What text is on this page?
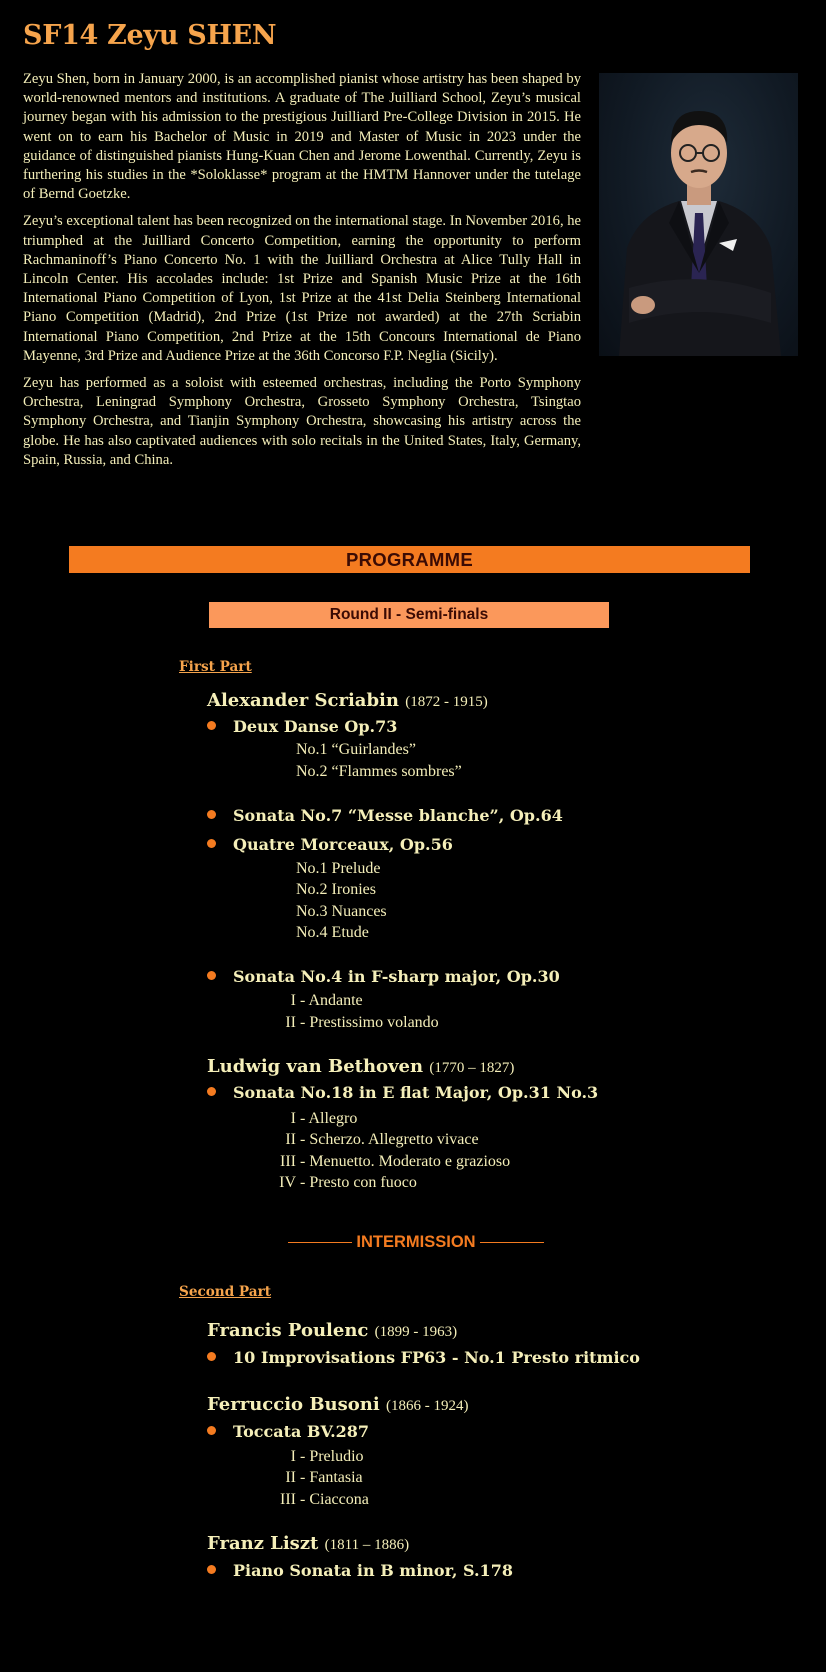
SF14 Zeyu SHEN

Zeyu Shen, born in January 2000, is an accomplished pianist whose artistry has been shaped by world-renowned mentors and institutions. A graduate of The Juilliard School, Zeyu’s musical journey began with his admission to the prestigious Juilliard Pre-College Division in 2015. He went on to earn his Bachelor of Music in 2019 and Master of Music in 2023 under the guidance of distinguished pianists Hung-Kuan Chen and Jerome Lowenthal. Currently, Zeyu is furthering his studies in the *Soloklasse* program at the HMTM Hannover under the tutelage of Bernd Goetzke.

Zeyu’s exceptional talent has been recognized on the international stage. In November 2016, he triumphed at the Juilliard Concerto Competition, earning the opportunity to perform Rachmaninoff’s Piano Concerto No. 1 with the Juilliard Orchestra at Alice Tully Hall in Lincoln Center. His accolades include: 1st Prize and Spanish Music Prize at the 16th International Piano Competition of Lyon, 1st Prize at the 41st Delia Steinberg International Piano Competition (Madrid), 2nd Prize (1st Prize not awarded) at the 27th Scriabin International Piano Competition, 2nd Prize at the 15th Concours International de Piano Mayenne, 3rd Prize and Audience Prize at the 36th Concorso F.P. Neglia (Sicily).

Zeyu has performed as a soloist with esteemed orchestras, including the Porto Symphony Orchestra, Leningrad Symphony Orchestra, Grosseto Symphony Orchestra, Tsingtao Symphony Orchestra, and Tianjin Symphony Orchestra, showcasing his artistry across the globe. He has also captivated audiences with solo recitals in the United States, Italy, Germany, Spain, Russia, and China.

PROGRAMME
Round II - Semi-finals
First Part
Alexander Scriabin (1872 - 1915)
Deux Danse Op.73
No.1 “Guirlandes”
No.2 “Flammes sombres”
Sonata No.7 “Messe blanche”, Op.64
Quatre Morceaux, Op.56
No.1 Prelude
No.2 Ironies
No.3 Nuances
No.4 Etude
Sonata No.4 in F-sharp major, Op.30
I - Andante
II - Prestissimo volando
Ludwig van Bethoven (1770 – 1827)
Sonata No.18 in E flat Major, Op.31 No.3
I - Allegro
II - Scherzo. Allegretto vivace
III - Menuetto. Moderato e grazioso
IV - Presto con fuoco
INTERMISSION
Second Part
Francis Poulenc (1899 - 1963)
10 Improvisations FP63 - No.1 Presto ritmico
Ferruccio Busoni (1866 - 1924)
Toccata BV.287
I - Preludio
II - Fantasia
III - Ciaccona
Franz Liszt (1811 – 1886)
Piano Sonata in B minor, S.178
